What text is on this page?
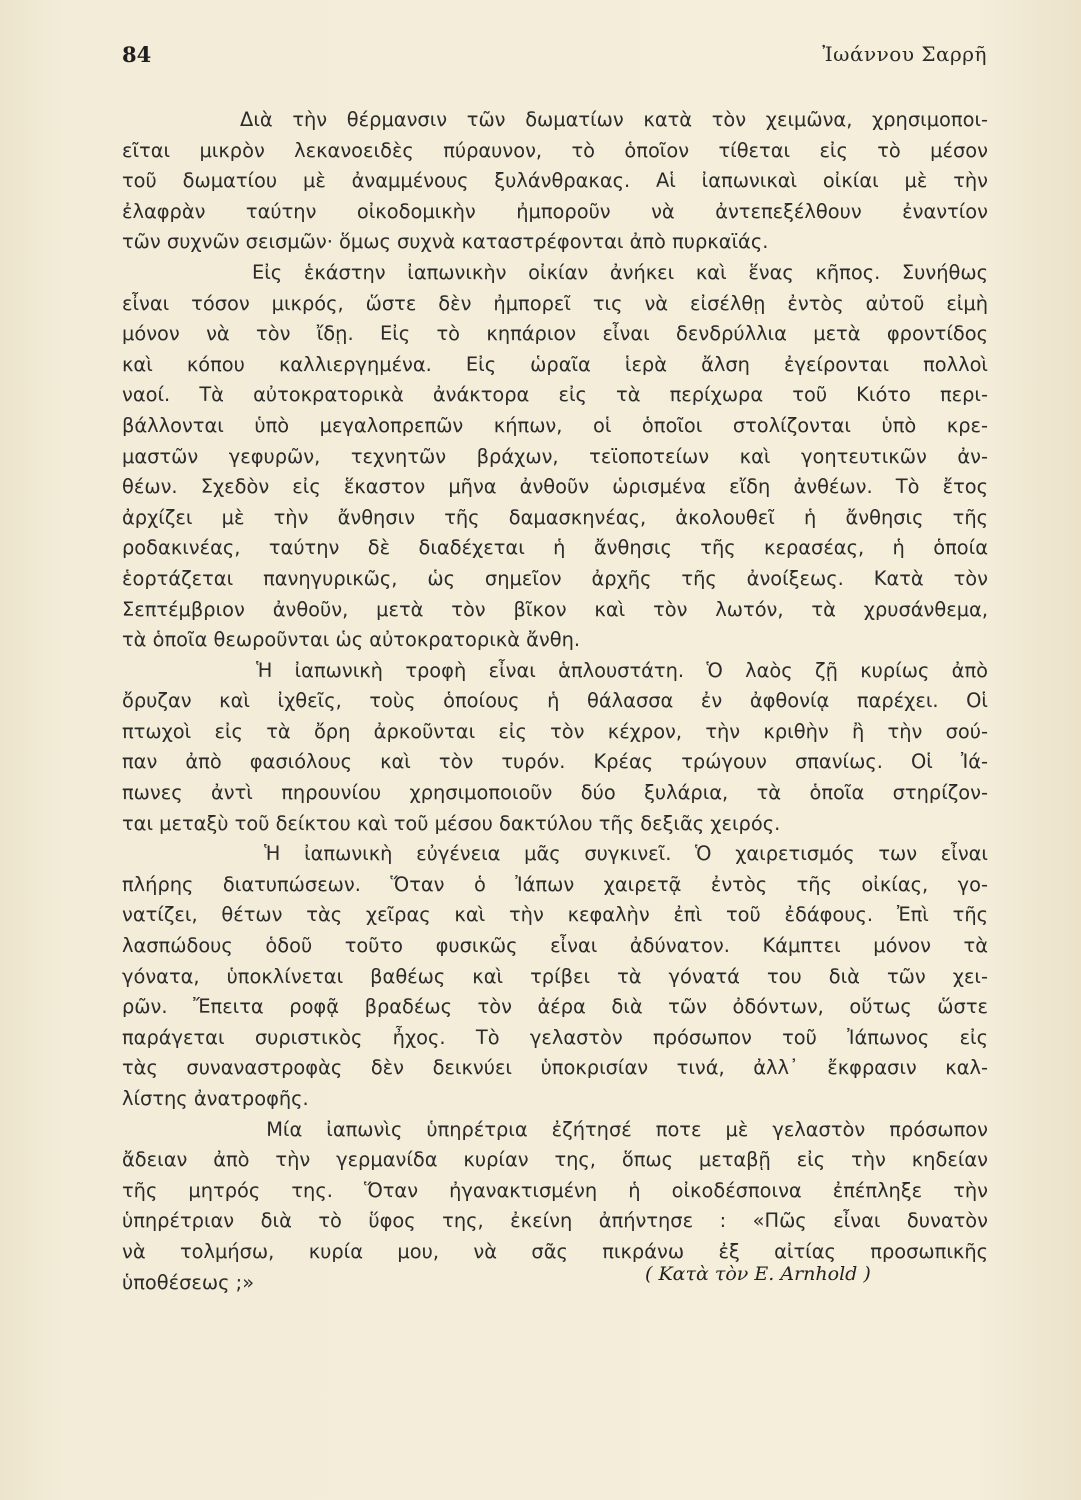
84	Ἰωάννου Σαρρῆ
Διὰ τὴν θέρμανσιν τῶν δωματίων κατὰ τὸν χειμῶνα, χρησιμοποι-
εῖται μικρὸν λεκανοειδὲς πύραυνον, τὸ ὁποῖον τίθεται εἰς τὸ μέσον
τοῦ δωματίου μὲ ἀναμμένους ξυλάνθρακας. Αἱ ἰαπωνικαὶ οἰκίαι μὲ τὴν
ἐλαφρὰν ταύτην οἰκοδομικὴν ἠμποροῦν νὰ ἀντεπεξέλθουν ἐναντίον
τῶν συχνῶν σεισμῶν· ὅμως συχνὰ καταστρέφονται ἀπὸ πυρκαϊάς.
Εἰς ἑκάστην ἰαπωνικὴν οἰκίαν ἀνήκει καὶ ἕνας κῆπος. Συνήθως
εἶναι τόσον μικρός, ὥστε δὲν ἠμπορεῖ τις νὰ εἰσέλθῃ ἐντὸς αὐτοῦ εἰμὴ
μόνον νὰ τὸν ἴδῃ. Εἰς τὸ κηπάριον εἶναι δενδρύλλια μετὰ φροντίδος
καὶ κόπου καλλιεργημένα. Εἰς ὡραῖα ἱερὰ ἄλση ἐγείρονται πολλοὶ
ναοί. Τὰ αὐτοκρατορικὰ ἀνάκτορα εἰς τὰ περίχωρα τοῦ Κιότο περι-
βάλλονται ὑπὸ μεγαλοπρεπῶν κήπων, οἱ ὁποῖοι στολίζονται ὑπὸ κρε-
μαστῶν γεφυρῶν, τεχνητῶν βράχων, τεϊοποτείων καὶ γοητευτικῶν ἀν-
θέων. Σχεδὸν εἰς ἕκαστον μῆνα ἀνθοῦν ὡρισμένα εἴδη ἀνθέων. Τὸ ἔτος
ἀρχίζει μὲ τὴν ἄνθησιν τῆς δαμασκηνέας, ἀκολουθεῖ ἡ ἄνθησις τῆς
ροδακινέας, ταύτην δὲ διαδέχεται ἡ ἄνθησις τῆς κερασέας, ἡ ὁποία
ἑορτάζεται πανηγυρικῶς, ὡς σημεῖον ἀρχῆς τῆς ἀνοίξεως. Κατὰ τὸν
Σεπτέμβριον ἀνθοῦν, μετὰ τὸν βῖκον καὶ τὸν λωτόν, τὰ χρυσάνθεμα,
τὰ ὁποῖα θεωροῦνται ὡς αὐτοκρατορικὰ ἄνθη.
Ἡ ἰαπωνικὴ τροφὴ εἶναι ἁπλουστάτη. Ὁ λαὸς ζῇ κυρίως ἀπὸ
ὄρυζαν καὶ ἰχθεῖς, τοὺς ὁποίους ἡ θάλασσα ἐν ἀφθονίᾳ παρέχει. Οἱ
πτωχοὶ εἰς τὰ ὄρη ἀρκοῦνται εἰς τὸν κέχρον, τὴν κριθὴν ἢ τὴν σού-
παν ἀπὸ φασιόλους καὶ τὸν τυρόν. Κρέας τρώγουν σπανίως. Οἱ Ἰά-
πωνες ἀντὶ πηρουνίου χρησιμοποιοῦν δύο ξυλάρια, τὰ ὁποῖα στηρίζον-
ται μεταξὺ τοῦ δείκτου καὶ τοῦ μέσου δακτύλου τῆς δεξιᾶς χειρός.
Ἡ ἰαπωνικὴ εὐγένεια μᾶς συγκινεῖ. Ὁ χαιρετισμός των εἶναι
πλήρης διατυπώσεων. Ὅταν ὁ Ἰάπων χαιρετᾷ ἐντὸς τῆς οἰκίας, γο-
νατίζει, θέτων τὰς χεῖρας καὶ τὴν κεφαλὴν ἐπὶ τοῦ ἐδάφους. Ἐπὶ τῆς
λασπώδους ὁδοῦ τοῦτο φυσικῶς εἶναι ἀδύνατον. Κάμπτει μόνον τὰ
γόνατα, ὑποκλίνεται βαθέως καὶ τρίβει τὰ γόνατά του διὰ τῶν χει-
ρῶν. Ἔπειτα ροφᾷ βραδέως τὸν ἀέρα διὰ τῶν ὀδόντων, οὕτως ὥστε
παράγεται συριστικὸς ἦχος. Τὸ γελαστὸν πρόσωπον τοῦ Ἰάπωνος εἰς
τὰς συναναστροφὰς δὲν δεικνύει ὑποκρισίαν τινά, ἀλλ᾽ ἔκφρασιν καλ-
λίστης ἀνατροφῆς.
Μία ἰαπωνὶς ὑπηρέτρια ἐζήτησέ ποτε μὲ γελαστὸν πρόσωπον
ἄδειαν ἀπὸ τὴν γερμανίδα κυρίαν της, ὅπως μεταβῇ εἰς τὴν κηδείαν
τῆς μητρός της. Ὅταν ἠγανακτισμένη ἡ οἰκοδέσποινα ἐπέπληξε τὴν
ὑπηρέτριαν διὰ τὸ ὕφος της, ἐκείνη ἀπήντησε : «Πῶς εἶναι δυνατὸν
νὰ τολμήσω, κυρία μου, νὰ σᾶς πικράνω ἐξ αἰτίας προσωπικῆς
ὑποθέσεως ;»	( Κατὰ τὸν E. Arnhold )
